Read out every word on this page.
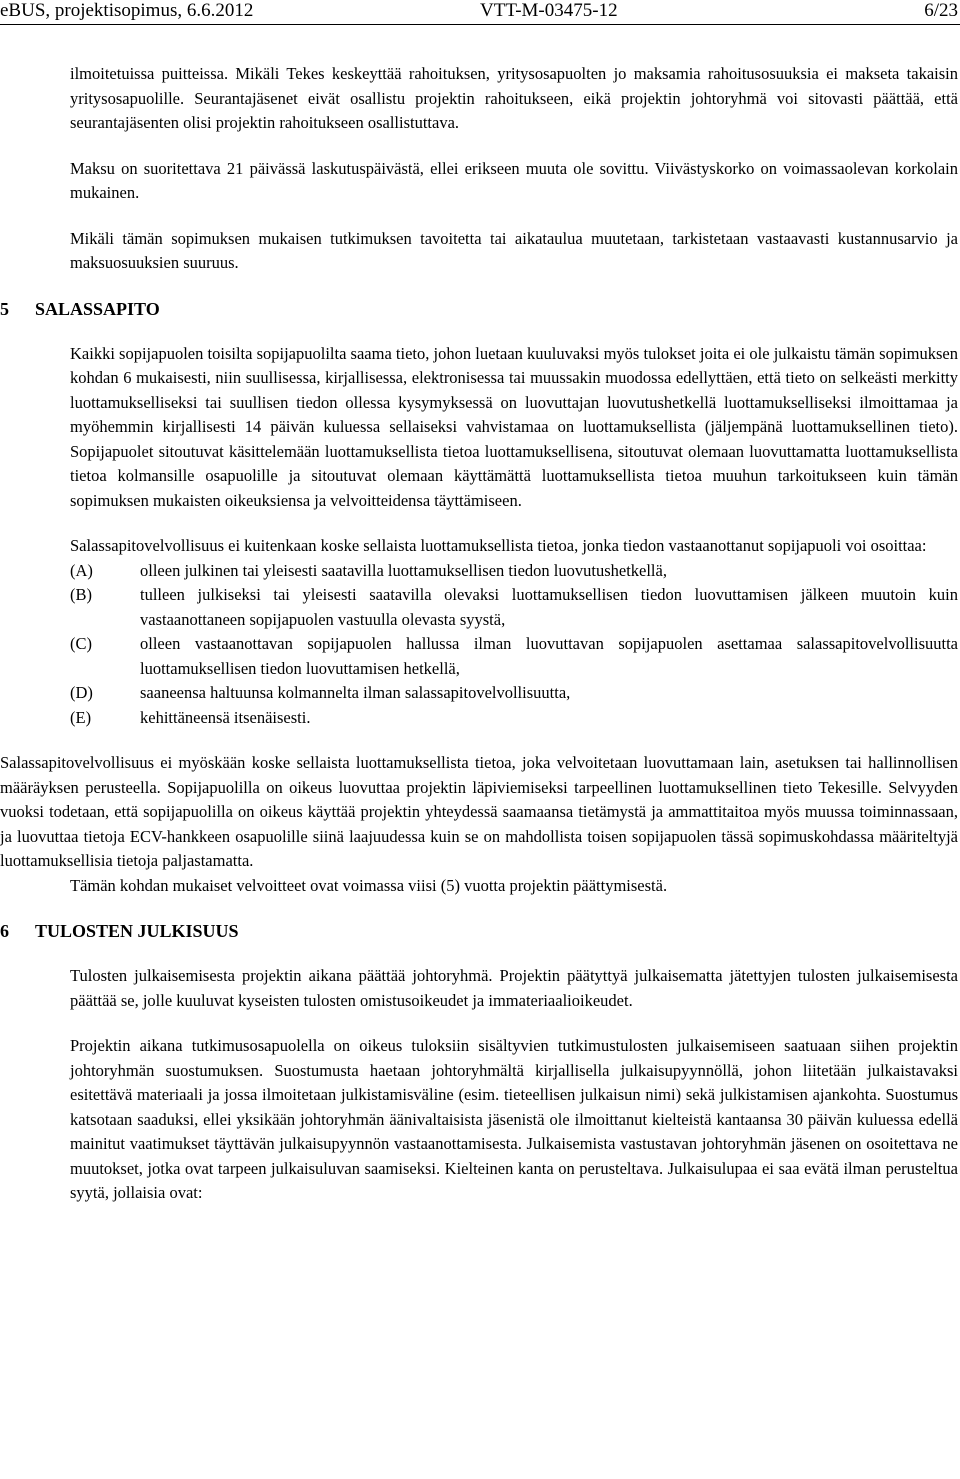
eBUS, projektisopimus, 6.6.2012	VTT-M-03475-12	6/23

ilmoitetuissa puitteissa. Mikäli Tekes keskeyttää rahoituksen, yritysosapuolten jo maksamia rahoitusosuuksia ei makseta takaisin yritysosapuolille. Seurantajäsenet eivät osallistu projektin rahoitukseen, eikä projektin johtoryhmä voi sitovasti päättää, että seurantajäsenten olisi projektin rahoitukseen osallistuttava.

Maksu on suoritettava 21 päivässä laskutuspäivästä, ellei erikseen muuta ole sovittu. Viivästyskorko on voimassaolevan korkolain mukainen.

Mikäli tämän sopimuksen mukaisen tutkimuksen tavoitetta tai aikataulua muutetaan, tarkistetaan vastaavasti kustannusarvio ja maksuosuuksien suuruus.

5	SALASSAPITO

Kaikki sopijapuolen toisilta sopijapuolilta saama tieto, johon luetaan kuuluvaksi myös tulokset joita ei ole julkaistu tämän sopimuksen kohdan 6 mukaisesti, niin suullisessa, kirjallisessa, elektronisessa tai muussakin muodossa edellyttäen, että tieto on selkeästi merkitty luottamukselliseksi tai suullisen tiedon ollessa kysymyksessä on luovuttajan luovutushetkellä luottamukselliseksi ilmoittamaa ja myöhemmin kirjallisesti 14 päivän kuluessa sellaiseksi vahvistamaa on luottamuksellista (jäljempänä luottamuksellinen tieto). Sopijapuolet sitoutuvat käsittelemään luottamuksellista tietoa luottamuksellisena, sitoutuvat olemaan luovuttamatta luottamuksellista tietoa kolmansille osapuolille ja sitoutuvat olemaan käyttämättä luottamuksellista tietoa muuhun tarkoitukseen kuin tämän sopimuksen mukaisten oikeuksiensa ja velvoitteidensa täyttämiseen.

Salassapitovelvollisuus ei kuitenkaan koske sellaista luottamuksellista tietoa, jonka tiedon vastaanottanut sopijapuoli voi osoittaa:

(A)	olleen julkinen tai yleisesti saatavilla luottamuksellisen tiedon luovutushetkellä,
(B)	tulleen julkiseksi tai yleisesti saatavilla olevaksi luottamuksellisen tiedon luovuttamisen jälkeen muutoin kuin vastaanottaneen sopijapuolen vastuulla olevasta syystä,
(C)	olleen vastaanottavan sopijapuolen hallussa ilman luovuttavan sopijapuolen asettamaa salassapitovelvollisuutta luottamuksellisen tiedon luovuttamisen hetkellä,
(D)	saaneensa haltuunsa kolmannelta ilman salassapitovelvollisuutta,
(E)	kehittäneensä itsenäisesti.

Salassapitovelvollisuus ei myöskään koske sellaista luottamuksellista tietoa, joka velvoitetaan luovuttamaan lain, asetuksen tai hallinnollisen määräyksen perusteella. Sopijapuolilla on oikeus luovuttaa projektin läpiviemiseksi tarpeellinen luottamuksellinen tieto Tekesille. Selvyyden vuoksi todetaan, että sopijapuolilla on oikeus käyttää projektin yhteydessä saamaansa tietämystä ja ammattitaitoa myös muussa toiminnassaan, ja luovuttaa tietoja ECV-hankkeen osapuolille siinä laajuudessa kuin se on mahdollista toisen sopijapuolen tässä sopimuskohdassa määriteltyjä luottamuksellisia tietoja paljastamatta.

Tämän kohdan mukaiset velvoitteet ovat voimassa viisi (5) vuotta projektin päättymisestä.

6	TULOSTEN JULKISUUS

Tulosten julkaisemisesta projektin aikana päättää johtoryhmä. Projektin päätyttyä julkaisematta jätettyjen tulosten julkaisemisesta päättää se, jolle kuuluvat kyseisten tulosten omistusoikeudet ja immateriaalioikeudet.

Projektin aikana tutkimusosapuolella on oikeus tuloksiin sisältyvien tutkimustulosten julkaisemiseen saatuaan siihen projektin johtoryhmän suostumuksen. Suostumusta haetaan johtoryhmältä kirjallisella julkaisupyynnöllä, johon liitetään julkaistavaksi esitettävä materiaali ja jossa ilmoitetaan julkistamisväline (esim. tieteellisen julkaisun nimi) sekä julkistamisen ajankohta. Suostumus katsotaan saaduksi, ellei yksikään johtoryhmän äänivaltaisista jäsenistä ole ilmoittanut kielteistä kantaansa 30 päivän kuluessa edellä mainitut vaatimukset täyttävän julkaisupyynnön vastaanottamisesta. Julkaisemista vastustavan johtoryhmän jäsenen on osoitettava ne muutokset, jotka ovat tarpeen julkaisuluvan saamiseksi. Kielteinen kanta on perusteltava. Julkaisulupaa ei saa evätä ilman perusteltua syytä, jollaisia ovat:
